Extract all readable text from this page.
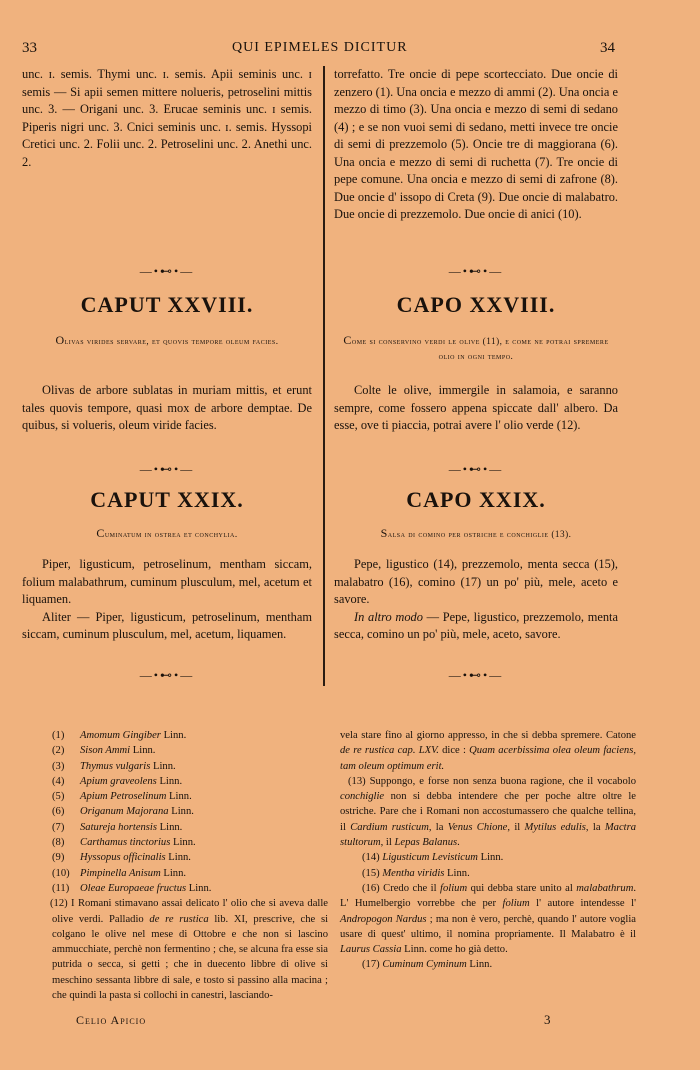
33	QUI EPIMELES DICITUR	34

unc. ɪ. semis. Thymi unc. ɪ. semis. Apii seminis unc. ɪ semis — Si apii semen mittere nolueris, petroselini mittis unc. 3. — Origani unc. 3. Erucae seminis unc. ɪ semis. Piperis nigri unc. 3. Cnici seminis unc. ɪ. semis. Hyssopi Cretici unc. 2. Folii unc. 2. Petroselini unc. 2. Anethi unc. 2.

—•⊷•—
CAPUT XXVIII.
Olivas virides servare, et quovis tempore oleum facies.

Olivas de arbore sublatas in muriam mittis, et erunt tales quovis tempore, quasi mox de arbore demptae. De quibus, si volueris, oleum viride facies.

—•⊷•—
CAPUT XXIX.
Cuminatum in ostrea et conchylia.

Piper, ligusticum, petroselinum, mentham siccam, folium malabathrum, cuminum plusculum, mel, acetum et liquamen.

Aliter — Piper, ligusticum, petroselinum, mentham siccam, cuminum plusculum, mel, acetum, liquamen.

—•⊷•—

torrefatto. Tre oncie di pepe scortecciato. Due oncie di zenzero (1). Una oncia e mezzo di ammi (2). Una oncia e mezzo di timo (3). Una oncia e mezzo di semi di sedano (4) ; e se non vuoi semi di sedano, metti invece tre oncie di semi di prezzemolo (5). Oncie tre di maggiorana (6). Una oncia e mezzo di semi di ruchetta (7). Tre oncie di pepe comune. Una oncia e mezzo di semi di zafrone (8). Due oncie d' issopo di Creta (9). Due oncie di malabatro. Due oncie di prezzemolo. Due oncie di anici (10).

—•⊷•—
CAPO XXVIII.
Come si conservino verdi le olive (11), e come ne potrai spremere olio in ogni tempo.

Colte le olive, immergile in salamoia, e saranno sempre, come fossero appena spiccate dall' albero. Da esse, ove ti piaccia, potrai avere l' olio verde (12).

—•⊷•—
CAPO XXIX.
Salsa di comino per ostriche e conchiglie (13).

Pepe, ligustico (14), prezzemolo, menta secca (15), malabatro (16), comino (17) un po' più, mele, aceto e savore.

In altro modo — Pepe, ligustico, prezzemolo, menta secca, comino un po' più, mele, aceto, savore.

—•⊷•—

(1) Amomum Gingiber Linn.

(2) Sison Ammi Linn.

(3) Thymus vulgaris Linn.

(4) Apium graveolens Linn.

(5) Apium Petroselinum Linn.

(6) Origanum Majorana Linn.

(7) Satureja hortensis Linn.

(8) Carthamus tinctorius Linn.

(9) Hyssopus officinalis Linn.

(10) Pimpinella Anisum Linn.

(11) Oleae Europaeae fructus Linn.

(12) I Romani stimavano assai delicato l' olio che si aveva dalle olive verdi. Palladio de re rustica lib. XI, prescrive, che si colgano le olive nel mese di Ottobre e che non si lascino ammucchiate, perchè non fermentino ; che, se alcuna fra esse sia putrida o secca, si getti ; che in duecento libbre di olive si meschino sessanta libbre di sale, e tosto si passino alla macina ; che quindi la pasta si collochi in canestri, lasciando-

Celio Apicio

vela stare fino al giorno appresso, in che si debba spremere. Catone de re rustica cap. LXV. dice : Quam acerbissima olea oleum faciens, tam oleum optimum erit.

(13) Suppongo, e forse non senza buona ragione, che il vocabolo conchiglie non si debba intendere che per poche altre oltre le ostriche. Pare che i Romani non accostumassero che qualche tellina, il Cardium rusticum, la Venus Chione, il Mytilus edulis, la Mactra stultorum, il Lepas Balanus.

(14) Ligusticum Levisticum Linn.

(15) Mentha viridis Linn.

(16) Credo che il folium qui debba stare unito al malabathrum. L' Humelbergio vorrebbe che per folium l' autore intendesse l' Andropogon Nardus ; ma non è vero, perchè, quando l' autore voglia usare di quest' ultimo, il nomina propriamente. Il Malabatro è il Laurus Cassia Linn. come ho già detto.

(17) Cuminum Cyminum Linn.

3
